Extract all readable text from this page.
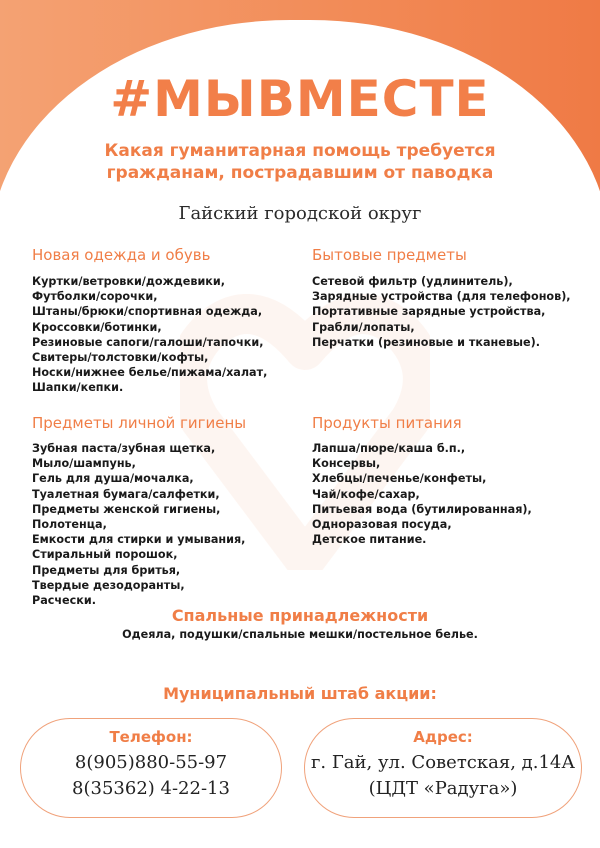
#МЫВМЕСТЕ
Какая гуманитарная помощь требуется
гражданам, пострадавшим от паводка
Гайский городской округ
Новая одежда и обувь
Куртки/ветровки/дождевики,
Футболки/сорочки,
Штаны/брюки/спортивная одежда,
Кроссовки/ботинки,
Резиновые сапоги/галоши/тапочки,
Свитеры/толстовки/кофты,
Носки/нижнее белье/пижама/халат,
Шапки/кепки.
Бытовые предметы
Сетевой фильтр (удлинитель),
Зарядные устройства (для телефонов),
Портативные зарядные устройства,
Грабли/лопаты,
Перчатки (резиновые и тканевые).
Предметы личной гигиены
Зубная паста/зубная щетка,
Мыло/шампунь,
Гель для душа/мочалка,
Туалетная бумага/салфетки,
Предметы женской гигиены,
Полотенца,
Емкости для стирки и умывания,
Стиральный порошок,
Предметы для бритья,
Твердые дезодоранты,
Расчески.
Продукты питания
Лапша/пюре/каша б.п.,
Консервы,
Хлебцы/печенье/конфеты,
Чай/кофе/сахар,
Питьевая вода (бутилированная),
Одноразовая посуда,
Детское питание.
Спальные принадлежности
Одеяла, подушки/спальные мешки/постельное белье.
Муниципальный штаб акции:
Телефон:
8(905)880-55-97
8(35362) 4-22-13
Адрес:
г. Гай, ул. Советская, д.14А
(ЦДТ «Радуга»)
